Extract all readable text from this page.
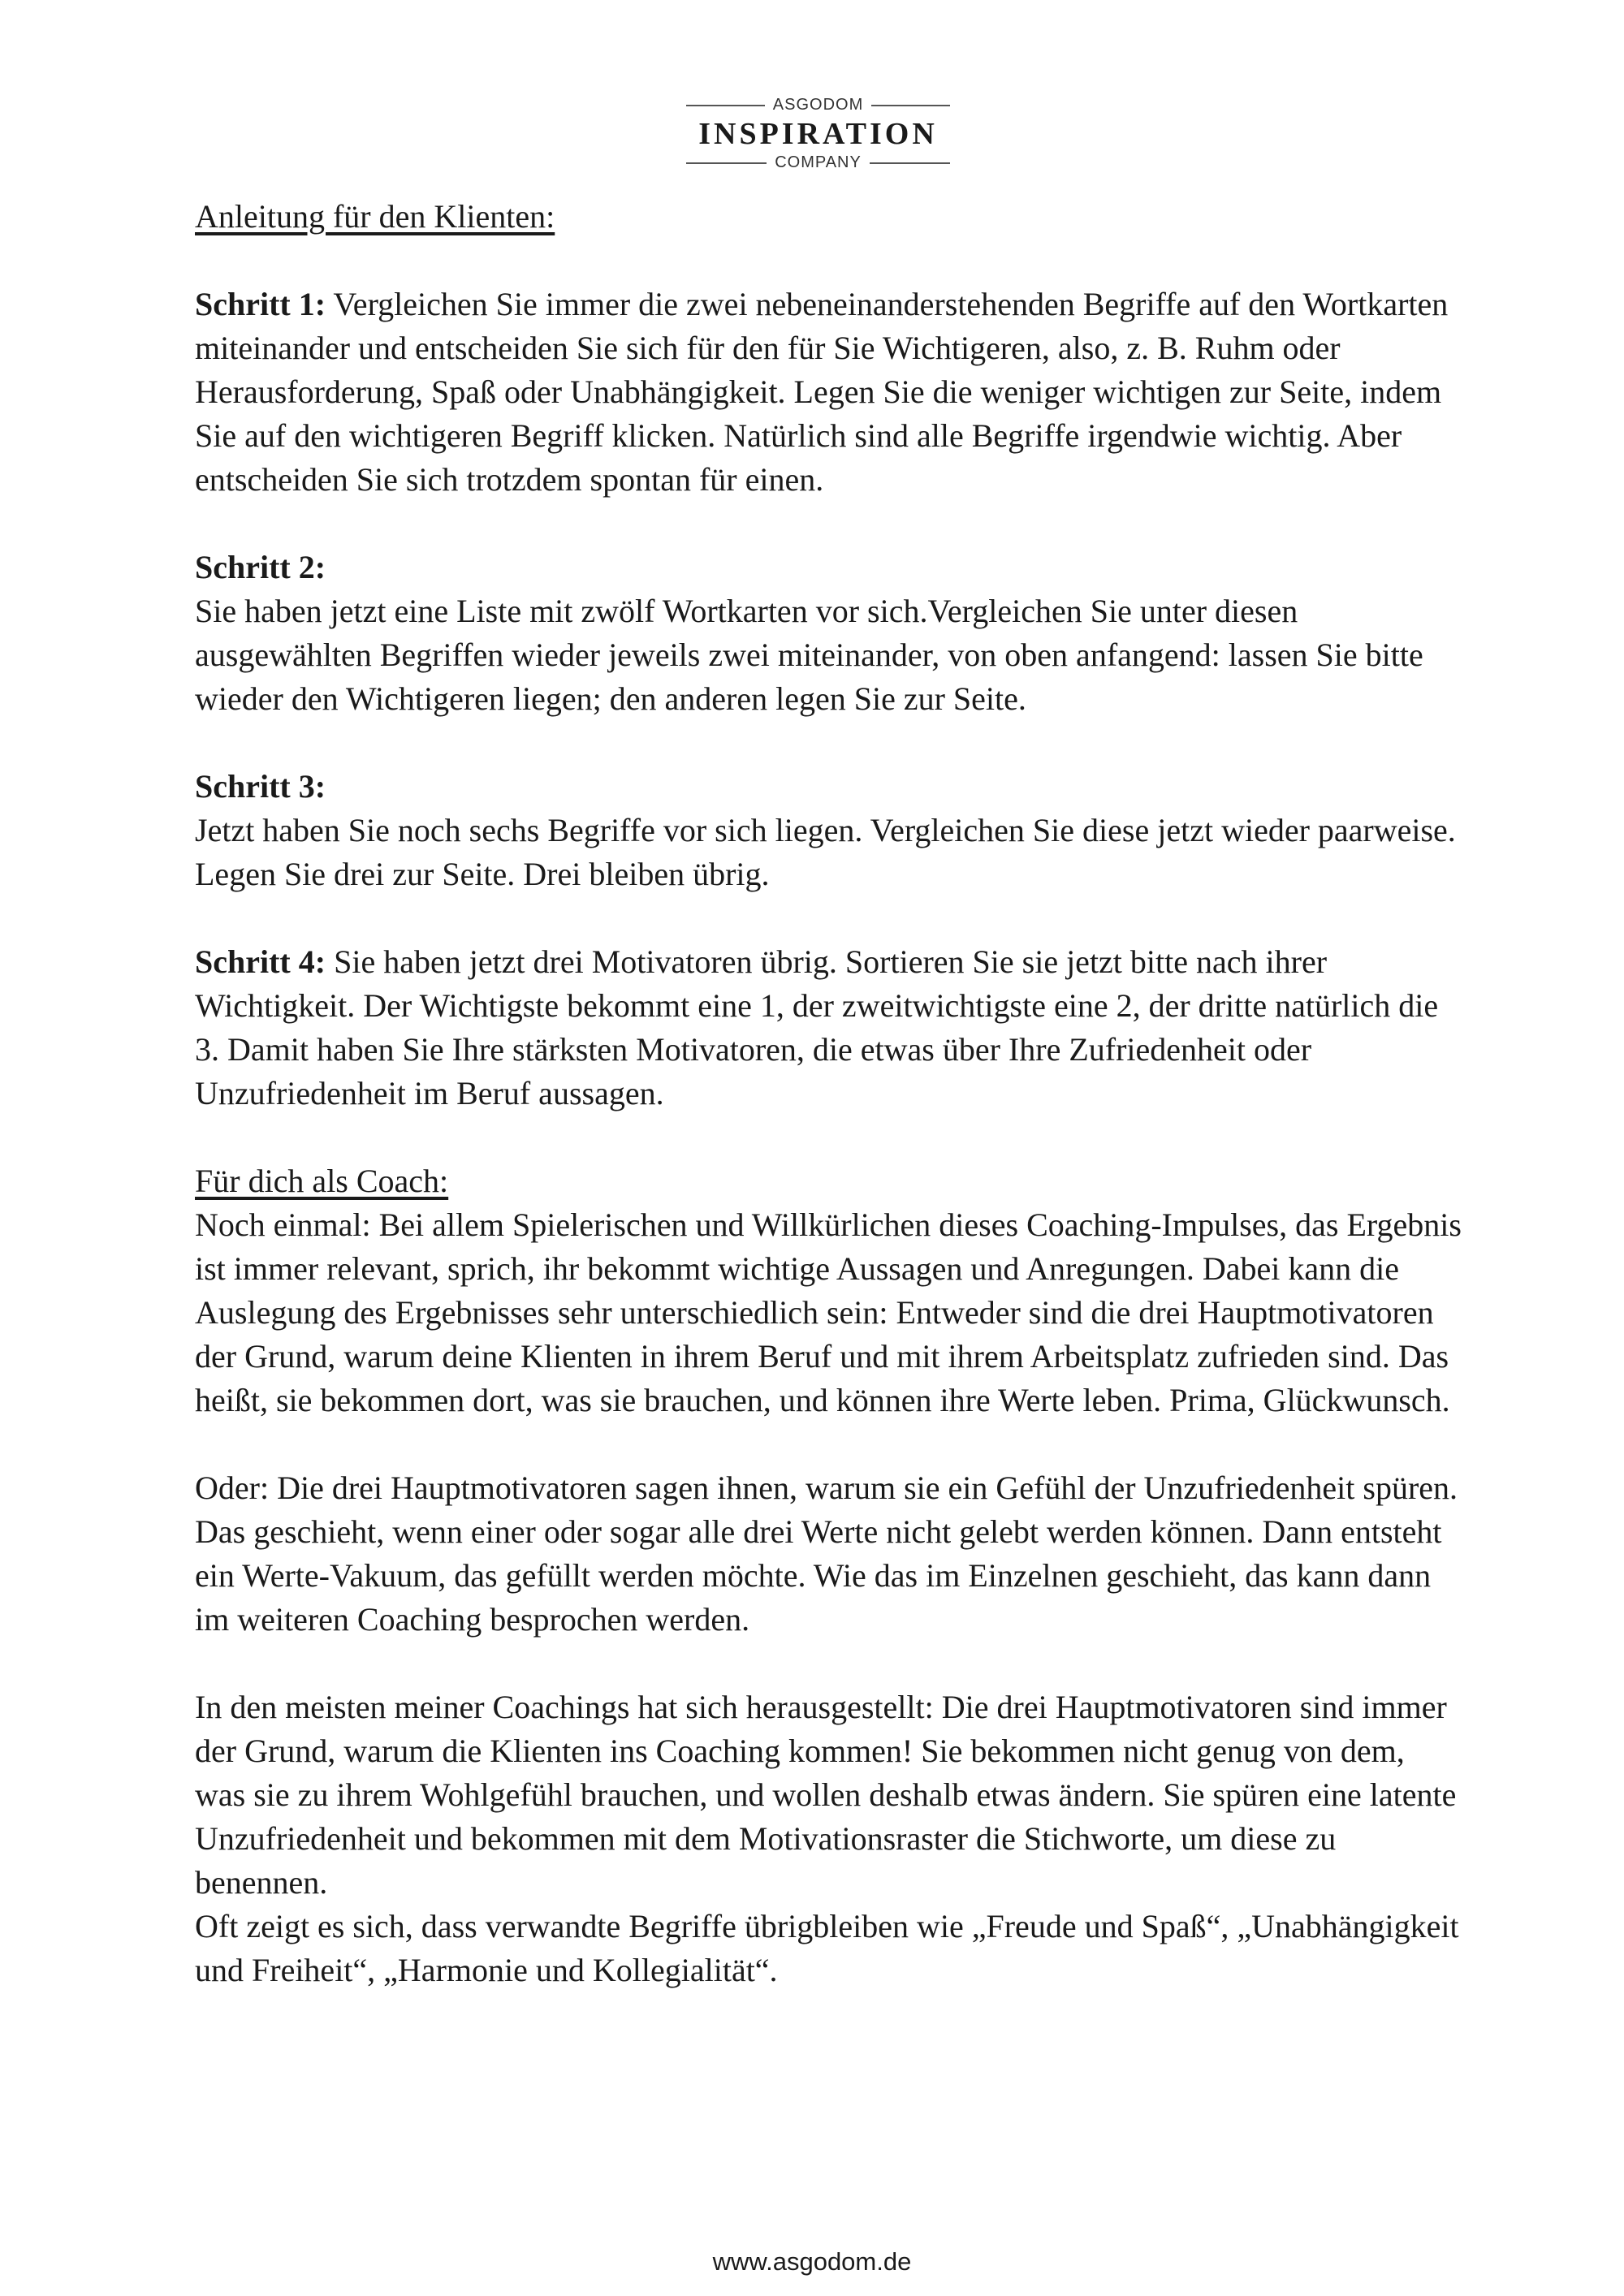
ASGODOM
INSPIRATION
COMPANY

Anleitung für den Klienten:

Schritt 1: Vergleichen Sie immer die zwei nebeneinanderstehenden Begriffe auf den Wortkarten miteinander und entscheiden Sie sich für den für Sie Wichtigeren, also, z. B. Ruhm oder Herausforderung, Spaß oder Unabhängigkeit. Legen Sie die weniger wichtigen zur Seite, indem Sie auf den wichtigeren Begriff klicken. Natürlich sind alle Begriffe irgendwie wichtig. Aber entscheiden Sie sich trotzdem spontan für einen.

Schritt 2:

Sie haben jetzt eine Liste mit zwölf Wortkarten vor sich.Vergleichen Sie unter diesen ausgewählten Begriffen wieder jeweils zwei miteinander, von oben anfangend: lassen Sie bitte wieder den Wichtigeren liegen; den anderen legen Sie zur Seite.

Schritt 3:

Jetzt haben Sie noch sechs Begriffe vor sich liegen. Vergleichen Sie diese jetzt wieder paarweise. Legen Sie drei zur Seite. Drei bleiben übrig.

Schritt 4: Sie haben jetzt drei Motivatoren übrig. Sortieren Sie sie jetzt bitte nach ihrer Wichtigkeit. Der Wichtigste bekommt eine 1, der zweitwichtigste eine 2, der dritte natürlich die 3. Damit haben Sie Ihre stärksten Motivatoren, die etwas über Ihre Zufriedenheit oder Unzufriedenheit im Beruf aussagen.

Für dich als Coach:

Noch einmal: Bei allem Spielerischen und Willkürlichen dieses Coaching-Impulses, das Ergebnis ist immer relevant, sprich, ihr bekommt wichtige Aussagen und Anregungen. Dabei kann die Auslegung des Ergebnisses sehr unterschiedlich sein: Entweder sind die drei Hauptmotivatoren der Grund, warum deine Klienten in ihrem Beruf und mit ihrem Arbeitsplatz zufrieden sind. Das heißt, sie bekommen dort, was sie brauchen, und können ihre Werte leben. Prima, Glückwunsch.

Oder: Die drei Hauptmotivatoren sagen ihnen, warum sie ein Gefühl der Unzufriedenheit spüren. Das geschieht, wenn einer oder sogar alle drei Werte nicht gelebt werden können. Dann entsteht ein Werte-Vakuum, das gefüllt werden möchte. Wie das im Einzelnen geschieht, das kann dann im weiteren Coaching besprochen werden.

In den meisten meiner Coachings hat sich herausgestellt: Die drei Hauptmotivatoren sind immer der Grund, warum die Klienten ins Coaching kommen! Sie bekommen nicht genug von dem, was sie zu ihrem Wohlgefühl brauchen, und wollen deshalb etwas ändern. Sie spüren eine latente Unzufriedenheit und bekommen mit dem Motivationsraster die Stichworte, um diese zu benennen.

Oft zeigt es sich, dass verwandte Begriffe übrigbleiben wie „Freude und Spaß“, „Unabhängigkeit und Freiheit“, „Harmonie und Kollegialität“.

www.asgodom.de
